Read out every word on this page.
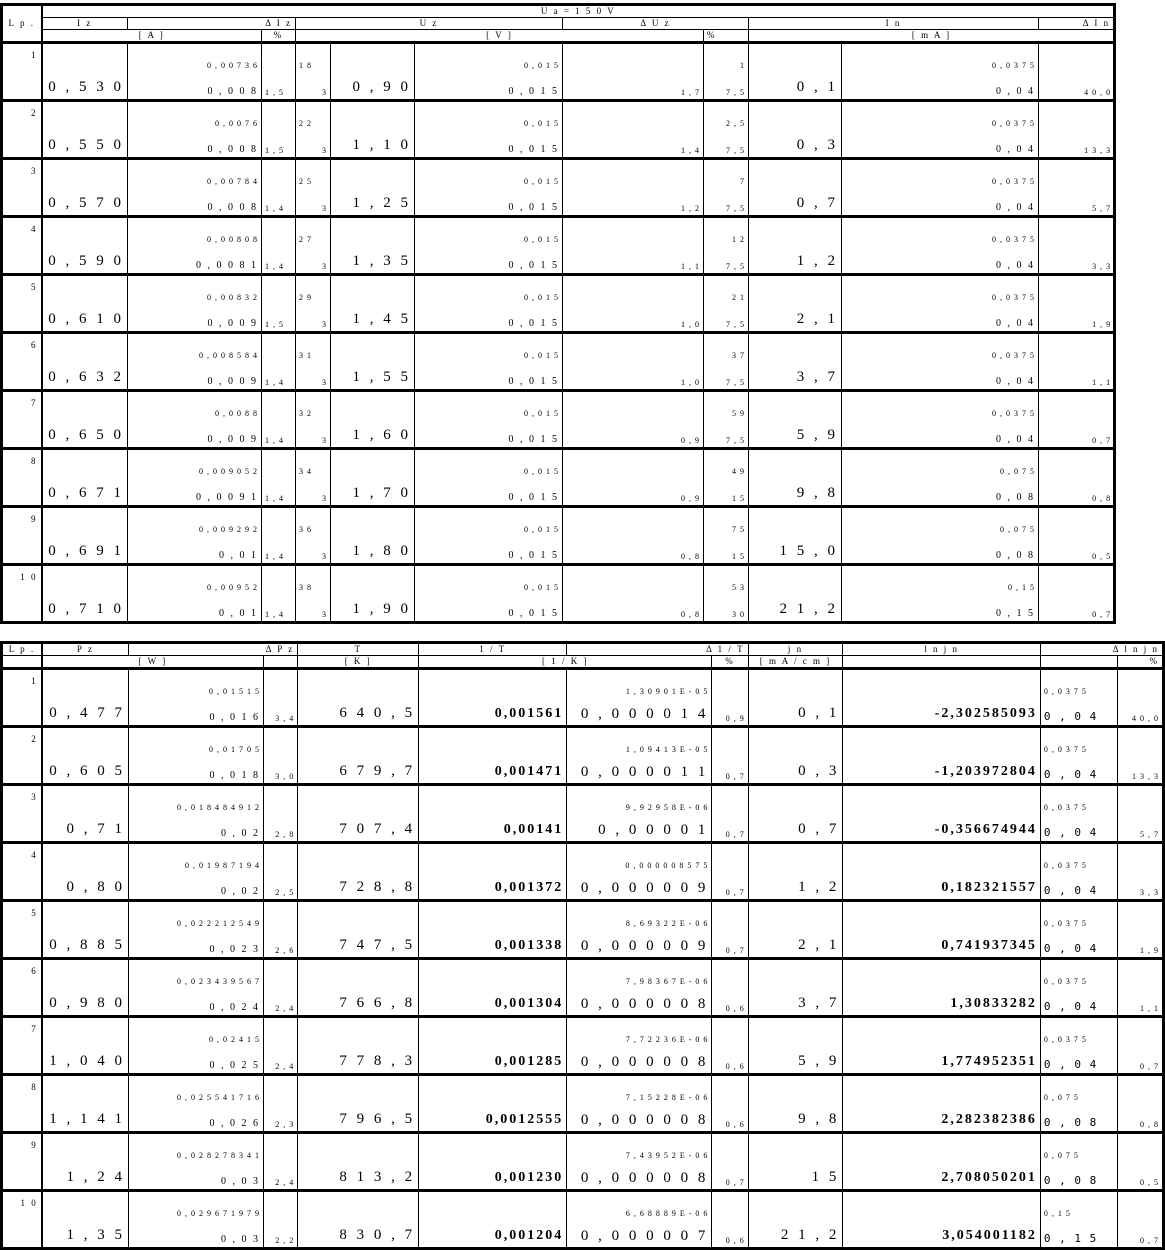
L p .	U a = 1 5 0 V											
	I z	Δ I z		U z			Δ U z		I n		Δ I n	
	[ A ]		%	[ V ]				%	[ m A ]	
1	0 , 5 3 0	0 , 0 0 7 3 6		1 8	0 , 9 0	0 , 0 1 5		1	0 , 1	0 , 0 3 7 5		
		0 , 0 0 8	1 , 5	3		0 , 0 1 5	1 , 7	7 , 5		0 , 0 4	4 0 , 0	
2	0 , 5 5 0	0 , 0 0 7 6		2 2	1 , 1 0	0 , 0 1 5		2 , 5	0 , 3	0 , 0 3 7 5		
		0 , 0 0 8	1 , 5	3		0 , 0 1 5	1 , 4	7 , 5		0 , 0 4	1 3 , 3	
3	0 , 5 7 0	0 , 0 0 7 8 4		2 5	1 , 2 5	0 , 0 1 5		7	0 , 7	0 , 0 3 7 5		
		0 , 0 0 8	1 , 4	3		0 , 0 1 5	1 , 2	7 , 5		0 , 0 4	5 , 7	
4	0 , 5 9 0	0 , 0 0 8 0 8		2 7	1 , 3 5	0 , 0 1 5		1 2	1 , 2	0 , 0 3 7 5		
		0 , 0 0 8 1	1 , 4	3		0 , 0 1 5	1 , 1	7 , 5		0 , 0 4	3 , 3	
5	0 , 6 1 0	0 , 0 0 8 3 2		2 9	1 , 4 5	0 , 0 1 5		2 1	2 , 1	0 , 0 3 7 5		
		0 , 0 0 9	1 , 5	3		0 , 0 1 5	1 , 0	7 , 5		0 , 0 4	1 , 9	
6	0 , 6 3 2	0 , 0 0 8 5 8 4		3 1	1 , 5 5	0 , 0 1 5		3 7	3 , 7	0 , 0 3 7 5		
		0 , 0 0 9	1 , 4	3		0 , 0 1 5	1 , 0	7 , 5		0 , 0 4	1 , 1	
7	0 , 6 5 0	0 , 0 0 8 8		3 2	1 , 6 0	0 , 0 1 5		5 9	5 , 9	0 , 0 3 7 5		
		0 , 0 0 9	1 , 4	3		0 , 0 1 5	0 , 9	7 , 5		0 , 0 4	0 , 7	
8	0 , 6 7 1	0 , 0 0 9 0 5 2		3 4	1 , 7 0	0 , 0 1 5		4 9	9 , 8	0 , 0 7 5		
		0 , 0 0 9 1	1 , 4	3		0 , 0 1 5	0 , 9	1 5		0 , 0 8	0 , 8	
9	0 , 6 9 1	0 , 0 0 9 2 9 2		3 6	1 , 8 0	0 , 0 1 5		7 5	1 5 , 0	0 , 0 7 5		
		0 , 0 1	1 , 4	3		0 , 0 1 5	0 , 8	1 5		0 , 0 8	0 , 5	
1 0	0 , 7 1 0	0 , 0 0 9 5 2		3 8	1 , 9 0	0 , 0 1 5		5 3	2 1 , 2	0 , 1 5		
		0 , 0 1	1 , 4	3		0 , 0 1 5	0 , 8	3 0		0 , 1 5	0 , 7	
L p .	P z	Δ P z		T	1 / T	Δ 1 / T		j n	l n j n	Δ l n j n	
	[ W ]			[ K ]	[ 1 / K ]		%	[ m A / c m ]			%
1	0 , 4 7 7	0 , 0 1 5 1 5		6 4 0 , 5	0,001561	1 , 3 0 9 0 1 E - 0 5		0 , 1	-2,302585093	0 , 0 3 7 5	
		0 , 0 1 6	3 , 4			0 , 0 0 0 0 1 4	0 , 9			0 , 0 4	4 0 , 0
2	0 , 6 0 5	0 , 0 1 7 0 5		6 7 9 , 7	0,001471	1 , 0 9 4 1 3 E - 0 5		0 , 3	-1,203972804	0 , 0 3 7 5	
		0 , 0 1 8	3 , 0			0 , 0 0 0 0 1 1	0 , 7			0 , 0 4	1 3 , 3
3	0 , 7 1	0 , 0 1 8 4 8 4 9 1 2		7 0 7 , 4	0,00141	9 , 9 2 9 5 8 E - 0 6		0 , 7	-0,356674944	0 , 0 3 7 5	
		0 , 0 2	2 , 8			0 , 0 0 0 0 1	0 , 7			0 , 0 4	5 , 7
4	0 , 8 0	0 , 0 1 9 8 7 1 9 4		7 2 8 , 8	0,001372	0 , 0 0 0 0 0 8 5 7 5		1 , 2	0,182321557	0 , 0 3 7 5	
		0 , 0 2	2 , 5			0 , 0 0 0 0 0 9	0 , 7			0 , 0 4	3 , 3
5	0 , 8 8 5	0 , 0 2 2 2 1 2 5 4 9		7 4 7 , 5	0,001338	8 , 6 9 3 2 2 E - 0 6		2 , 1	0,741937345	0 , 0 3 7 5	
		0 , 0 2 3	2 , 6			0 , 0 0 0 0 0 9	0 , 7			0 , 0 4	1 , 9
6	0 , 9 8 0	0 , 0 2 3 4 3 9 5 6 7		7 6 6 , 8	0,001304	7 , 9 8 3 6 7 E - 0 6		3 , 7	1,30833282	0 , 0 3 7 5	
		0 , 0 2 4	2 , 4			0 , 0 0 0 0 0 8	0 , 6			0 , 0 4	1 , 1
7	1 , 0 4 0	0 , 0 2 4 1 5		7 7 8 , 3	0,001285	7 , 7 2 2 3 6 E - 0 6		5 , 9	1,774952351	0 , 0 3 7 5	
		0 , 0 2 5	2 , 4			0 , 0 0 0 0 0 8	0 , 6			0 , 0 4	0 , 7
8	1 , 1 4 1	0 , 0 2 5 5 4 1 7 1 6		7 9 6 , 5	0,0012555	7 , 1 5 2 2 8 E - 0 6		9 , 8	2,282382386	0 , 0 7 5	
		0 , 0 2 6	2 , 3			0 , 0 0 0 0 0 8	0 , 6			0 , 0 8	0 , 8
9	1 , 2 4	0 , 0 2 8 2 7 8 3 4 1		8 1 3 , 2	0,001230	7 , 4 3 9 5 2 E - 0 6		1 5	2,708050201	0 , 0 7 5	
		0 , 0 3	2 , 4			0 , 0 0 0 0 0 8	0 , 7			0 , 0 8	0 , 5
1 0	1 , 3 5	0 , 0 2 9 6 7 1 9 7 9		8 3 0 , 7	0,001204	6 , 6 8 8 8 9 E - 0 6		2 1 , 2	3,054001182	0 , 1 5	
		0 , 0 3	2 , 2			0 , 0 0 0 0 0 7	0 , 6			0 , 1 5	0 , 7
